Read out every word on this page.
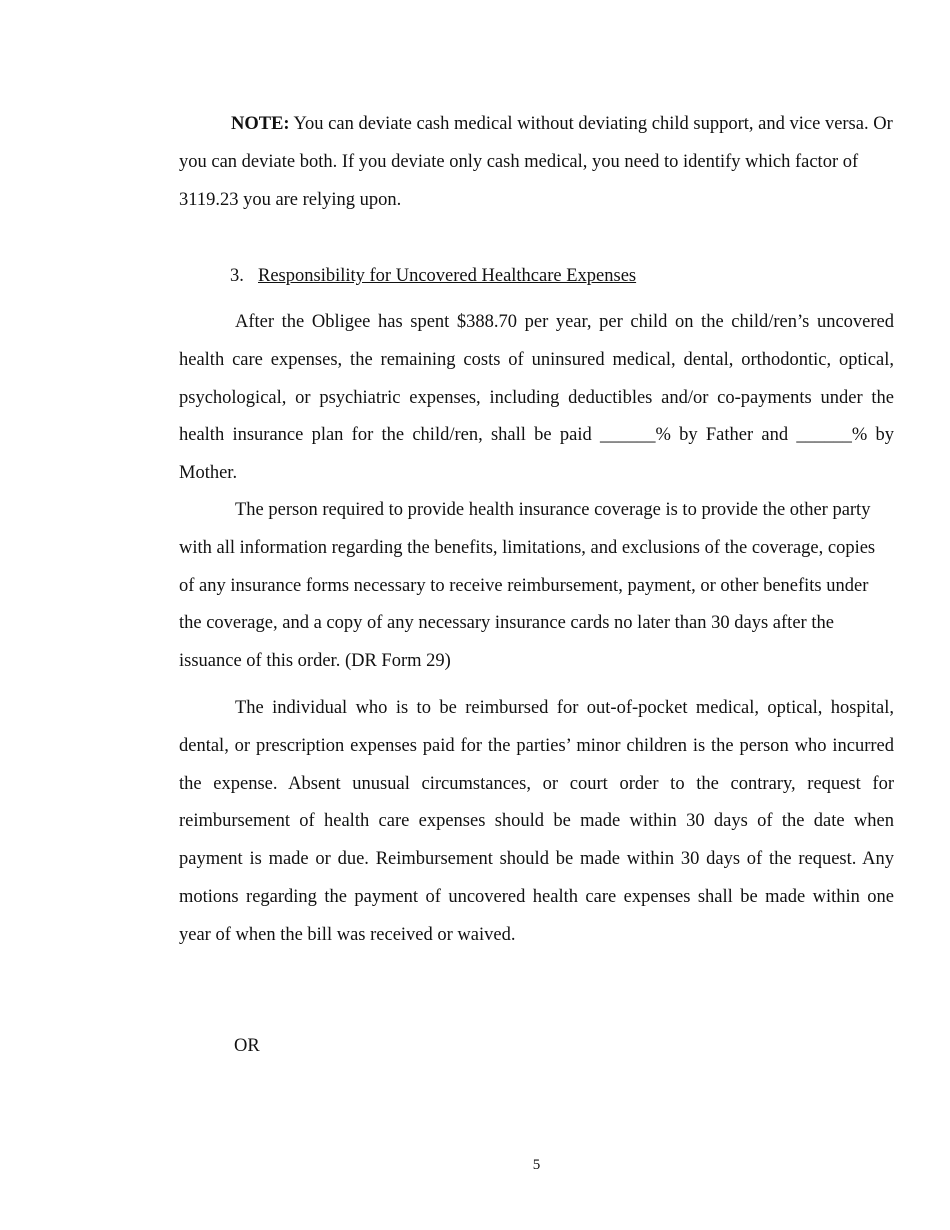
NOTE: You can deviate cash medical without deviating child support, and vice versa. Or you can deviate both. If you deviate only cash medical, you need to identify which factor of 3119.23 you are relying upon.

3. Responsibility for Uncovered Healthcare Expenses

After the Obligee has spent $388.70 per year, per child on the child/ren’s uncovered health care expenses, the remaining costs of uninsured medical, dental, orthodontic, optical, psychological, or psychiatric expenses, including deductibles and/or co-payments under the health insurance plan for the child/ren, shall be paid ______% by Father and ______% by Mother.

The person required to provide health insurance coverage is to provide the other party with all information regarding the benefits, limitations, and exclusions of the coverage, copies of any insurance forms necessary to receive reimbursement, payment, or other benefits under the coverage, and a copy of any necessary insurance cards no later than 30 days after the issuance of this order. (DR Form 29)

The individual who is to be reimbursed for out-of-pocket medical, optical, hospital, dental, or prescription expenses paid for the parties’ minor children is the person who incurred the expense. Absent unusual circumstances, or court order to the contrary, request for reimbursement of health care expenses should be made within 30 days of the date when payment is made or due. Reimbursement should be made within 30 days of the request. Any motions regarding the payment of uncovered health care expenses shall be made within one year of when the bill was received or waived.

OR

5
